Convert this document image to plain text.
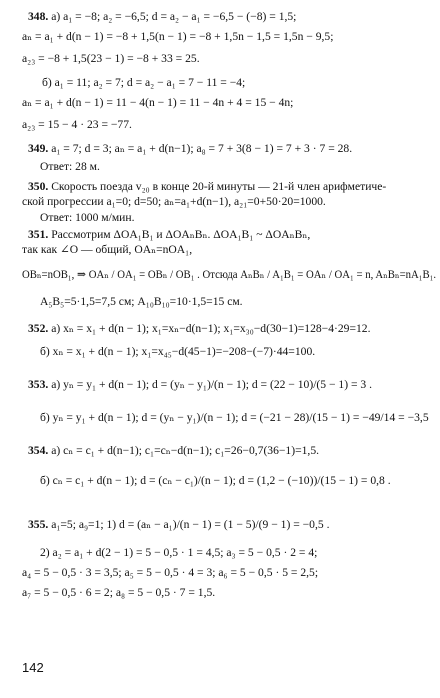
348. а) a₁ = −8; a₂ = −6,5; d = a₂ − a₁ = −6,5 − (−8) = 1,5;
aₙ = a₁ + d(n − 1) = −8 + 1,5(n − 1) = −8 + 1,5n − 1,5 = 1,5n − 9,5;
a₂₃ = −8 + 1,5(23 − 1) = −8 + 33 = 25.
б) a₁ = 11; a₂ = 7; d = a₂ − a₁ = 7 − 11 = −4;
aₙ = a₁ + d(n − 1) = 11 − 4(n − 1) = 11 − 4n + 4 = 15 − 4n;
a₂₃ = 15 − 4 · 23 = −77.
349. a₁ = 7; d = 3; aₙ = a₁ + d(n−1); a₈ = 7 + 3(8 − 1) = 7 + 3 · 7 = 28.
Ответ: 28 м.
350. Скорость поезда v₂₀ в конце 20-й минуты — 21-й член арифметиче-
ской прогрессии a₁=0; d=50; aₙ=a₁+d(n−1), a₂₁=0+50·20=1000.
Ответ: 1000 м/мин.
351. Рассмотрим ΔOA₁B₁ и ΔOAₙBₙ. ΔOA₁B₁ ~ ΔOAₙBₙ,
так как ∠O — общий, OAₙ=nOA₁,
OBₙ=nOB₁, ⇒ OAₙ / OA₁ = OBₙ / OB₁ . Отсюда AₙBₙ / A₁B₁ = OAₙ / OA₁ = n, AₙBₙ=nA₁B₁.
A₅B₅=5·1,5=7,5 см; A₁₀B₁₀=10·1,5=15 см.
352. а) xₙ = x₁ + d(n − 1); x₁=xₙ−d(n−1); x₁=x₃₀−d(30−1)=128−4·29=12.
б) xₙ = x₁ + d(n − 1); x₁=x₄₅−d(45−1)=−208−(−7)·44=100.
353. а) yₙ = y₁ + d(n − 1); d = (yₙ − y₁)/(n − 1); d = (22 − 10)/(5 − 1) = 3 .
б) yₙ = y₁ + d(n − 1); d = (yₙ − y₁)/(n − 1); d = (−21 − 28)/(15 − 1) = −49/14 = −3,5
354. а) cₙ = c₁ + d(n−1); c₁=cₙ−d(n−1); c₁=26−0,7(36−1)=1,5.
б) cₙ = c₁ + d(n − 1); d = (cₙ − c₁)/(n − 1); d = (1,2 − (−10))/(15 − 1) = 0,8 .
355. a₁=5; a₉=1; 1) d = (aₙ − a₁)/(n − 1) = (1 − 5)/(9 − 1) = −0,5 .
2) a₂ = a₁ + d(2 − 1) = 5 − 0,5 · 1 = 4,5; a₃ = 5 − 0,5 · 2 = 4;
a₄ = 5 − 0,5 · 3 = 3,5; a₅ = 5 − 0,5 · 4 = 3; a₆ = 5 − 0,5 · 5 = 2,5;
a₇ = 5 − 0,5 · 6 = 2; a₈ = 5 − 0,5 · 7 = 1,5.
142
